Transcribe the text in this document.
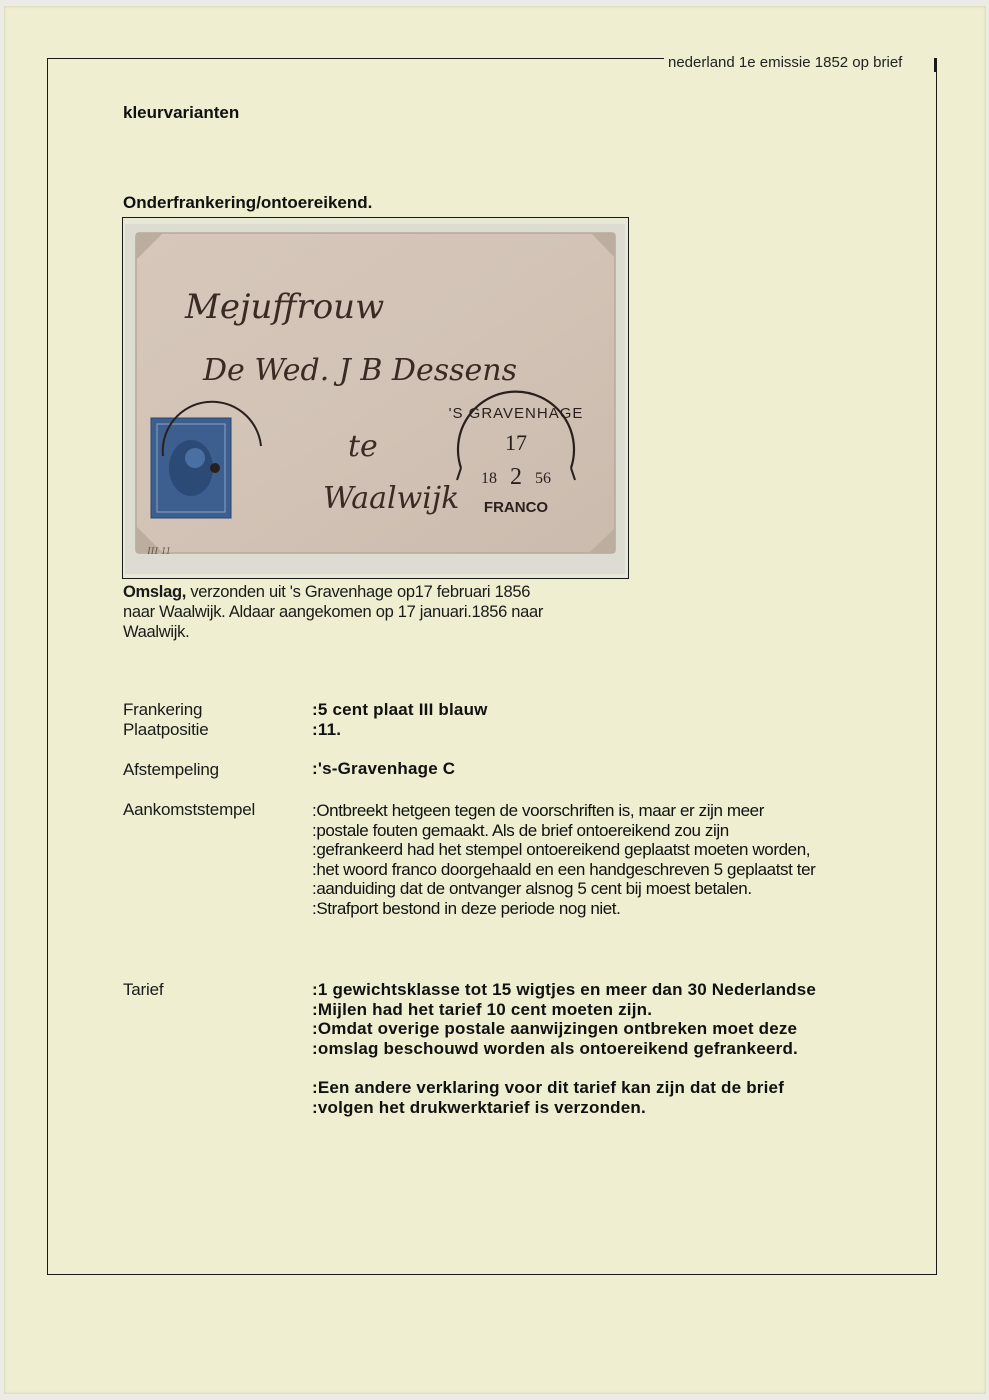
nederland 1e emissie 1852 op brief
kleurvarianten
Onderfrankering/ontoereikend.
Mejuffrouw
De Wed. J B Dessens
te
Waalwijk
'S GRAVENHAGE
17
18 2 56
FRANCO
III 11
Omslag, verzonden uit 's Gravenhage op17 februari 1856
naar Waalwijk. Aldaar aangekomen op 17 januari.1856 naar
Waalwijk.
Frankering	:5 cent plaat III blauw
Plaatpositie	:11.
Afstempeling	:'s-Gravenhage C
Aankomststempel	:Ontbreekt hetgeen tegen de voorschriften is, maar er zijn meer

:postale fouten gemaakt. Als de brief ontoereikend zou zijn

:gefrankeerd had het stempel ontoereikend geplaatst moeten worden,

:het woord franco doorgehaald en een handgeschreven 5 geplaatst ter

:aanduiding dat de ontvanger alsnog 5 cent bij moest betalen.

:Strafport bestond in deze periode nog niet.

Tarief	:1 gewichtsklasse tot 15 wigtjes en meer dan 30 Nederlandse

:Mijlen had het tarief 10 cent moeten zijn.

:Omdat overige postale aanwijzingen ontbreken moet deze

:omslag beschouwd worden als ontoereikend gefrankeerd.

:Een andere verklaring voor dit tarief kan zijn dat de brief

:volgen het drukwerktarief is verzonden.
